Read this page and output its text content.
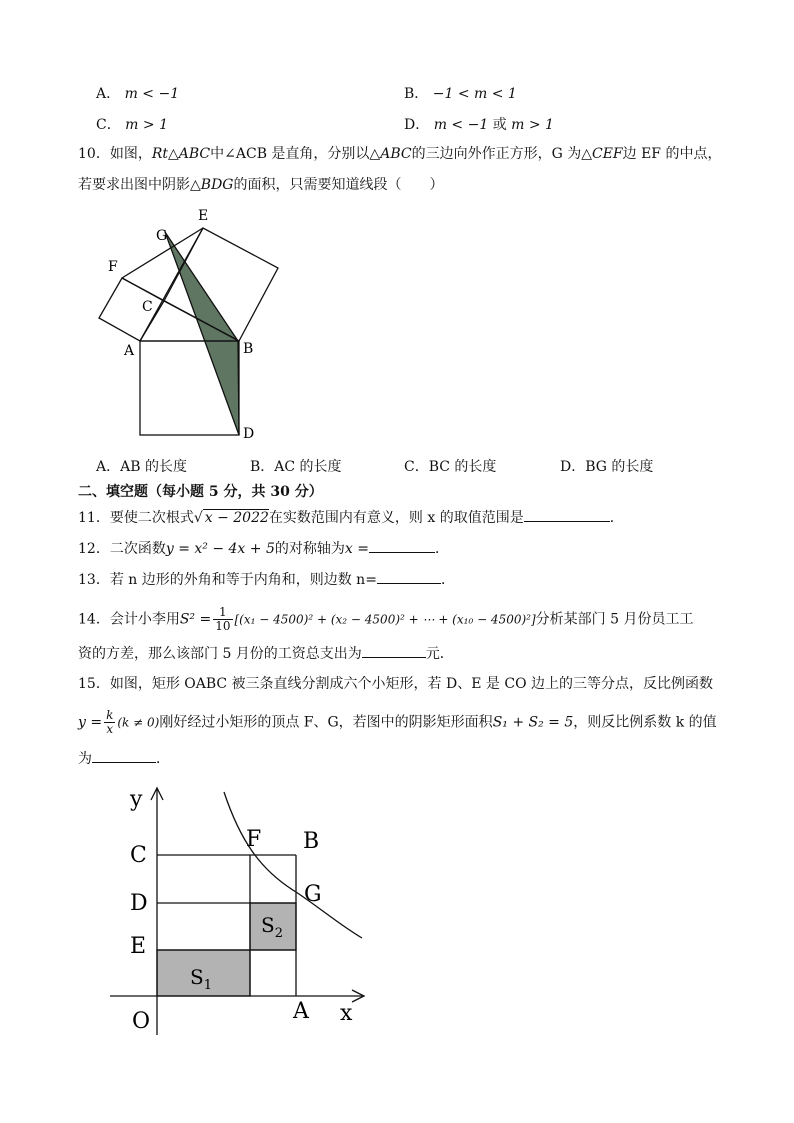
A． m < −1	B． −1 < m < 1
C． m > 1	D． m < −1 或 m > 1
10．如图，Rt△ABC中∠ACB 是直角，分别以△ABC的三边向外作正方形，G 为△CEF边 EF 的中点，
若要求出图中阴影△BDG的面积，只需要知道线段（　　）
E
G
F
C
A	B
D
A．AB 的长度	B．AC 的长度	C．BC 的长度	D．BG 的长度
二、填空题（每小题 5 分，共 30 分）
11．要使二次根式√ x − 2022在实数范围内有意义，则 x 的取值范围是	．
12．二次函数y = x² − 4x + 5的对称轴为x =	．
13．若 n 边形的外角和等于内角和，则边数 n=	．
14．会计小李用$S^2 = \frac{1}{10} [(x_1 - 4500)^2 + (x_2 - 4500)^2$ + ⋯ + (x₁₀ − 4500)²]分析某部门 5 月份员工工
资的方差，那么该部门 5 月份的工资总支出为	元．
15．如图，矩形 OABC 被三条直线分割成六个小矩形，若 D、E 是 CO 边上的三等分点，反比例函数
$y = \frac{k}{x} (k \ne 0)$刚好经过小矩形的顶点 F、G，若图中的阴影矩形面积S₁ + S₂ = 5，则反比例系数 k 的值
为	．
y
C
D
E
O
F B
G
A x
$S_1$
$S_2$
